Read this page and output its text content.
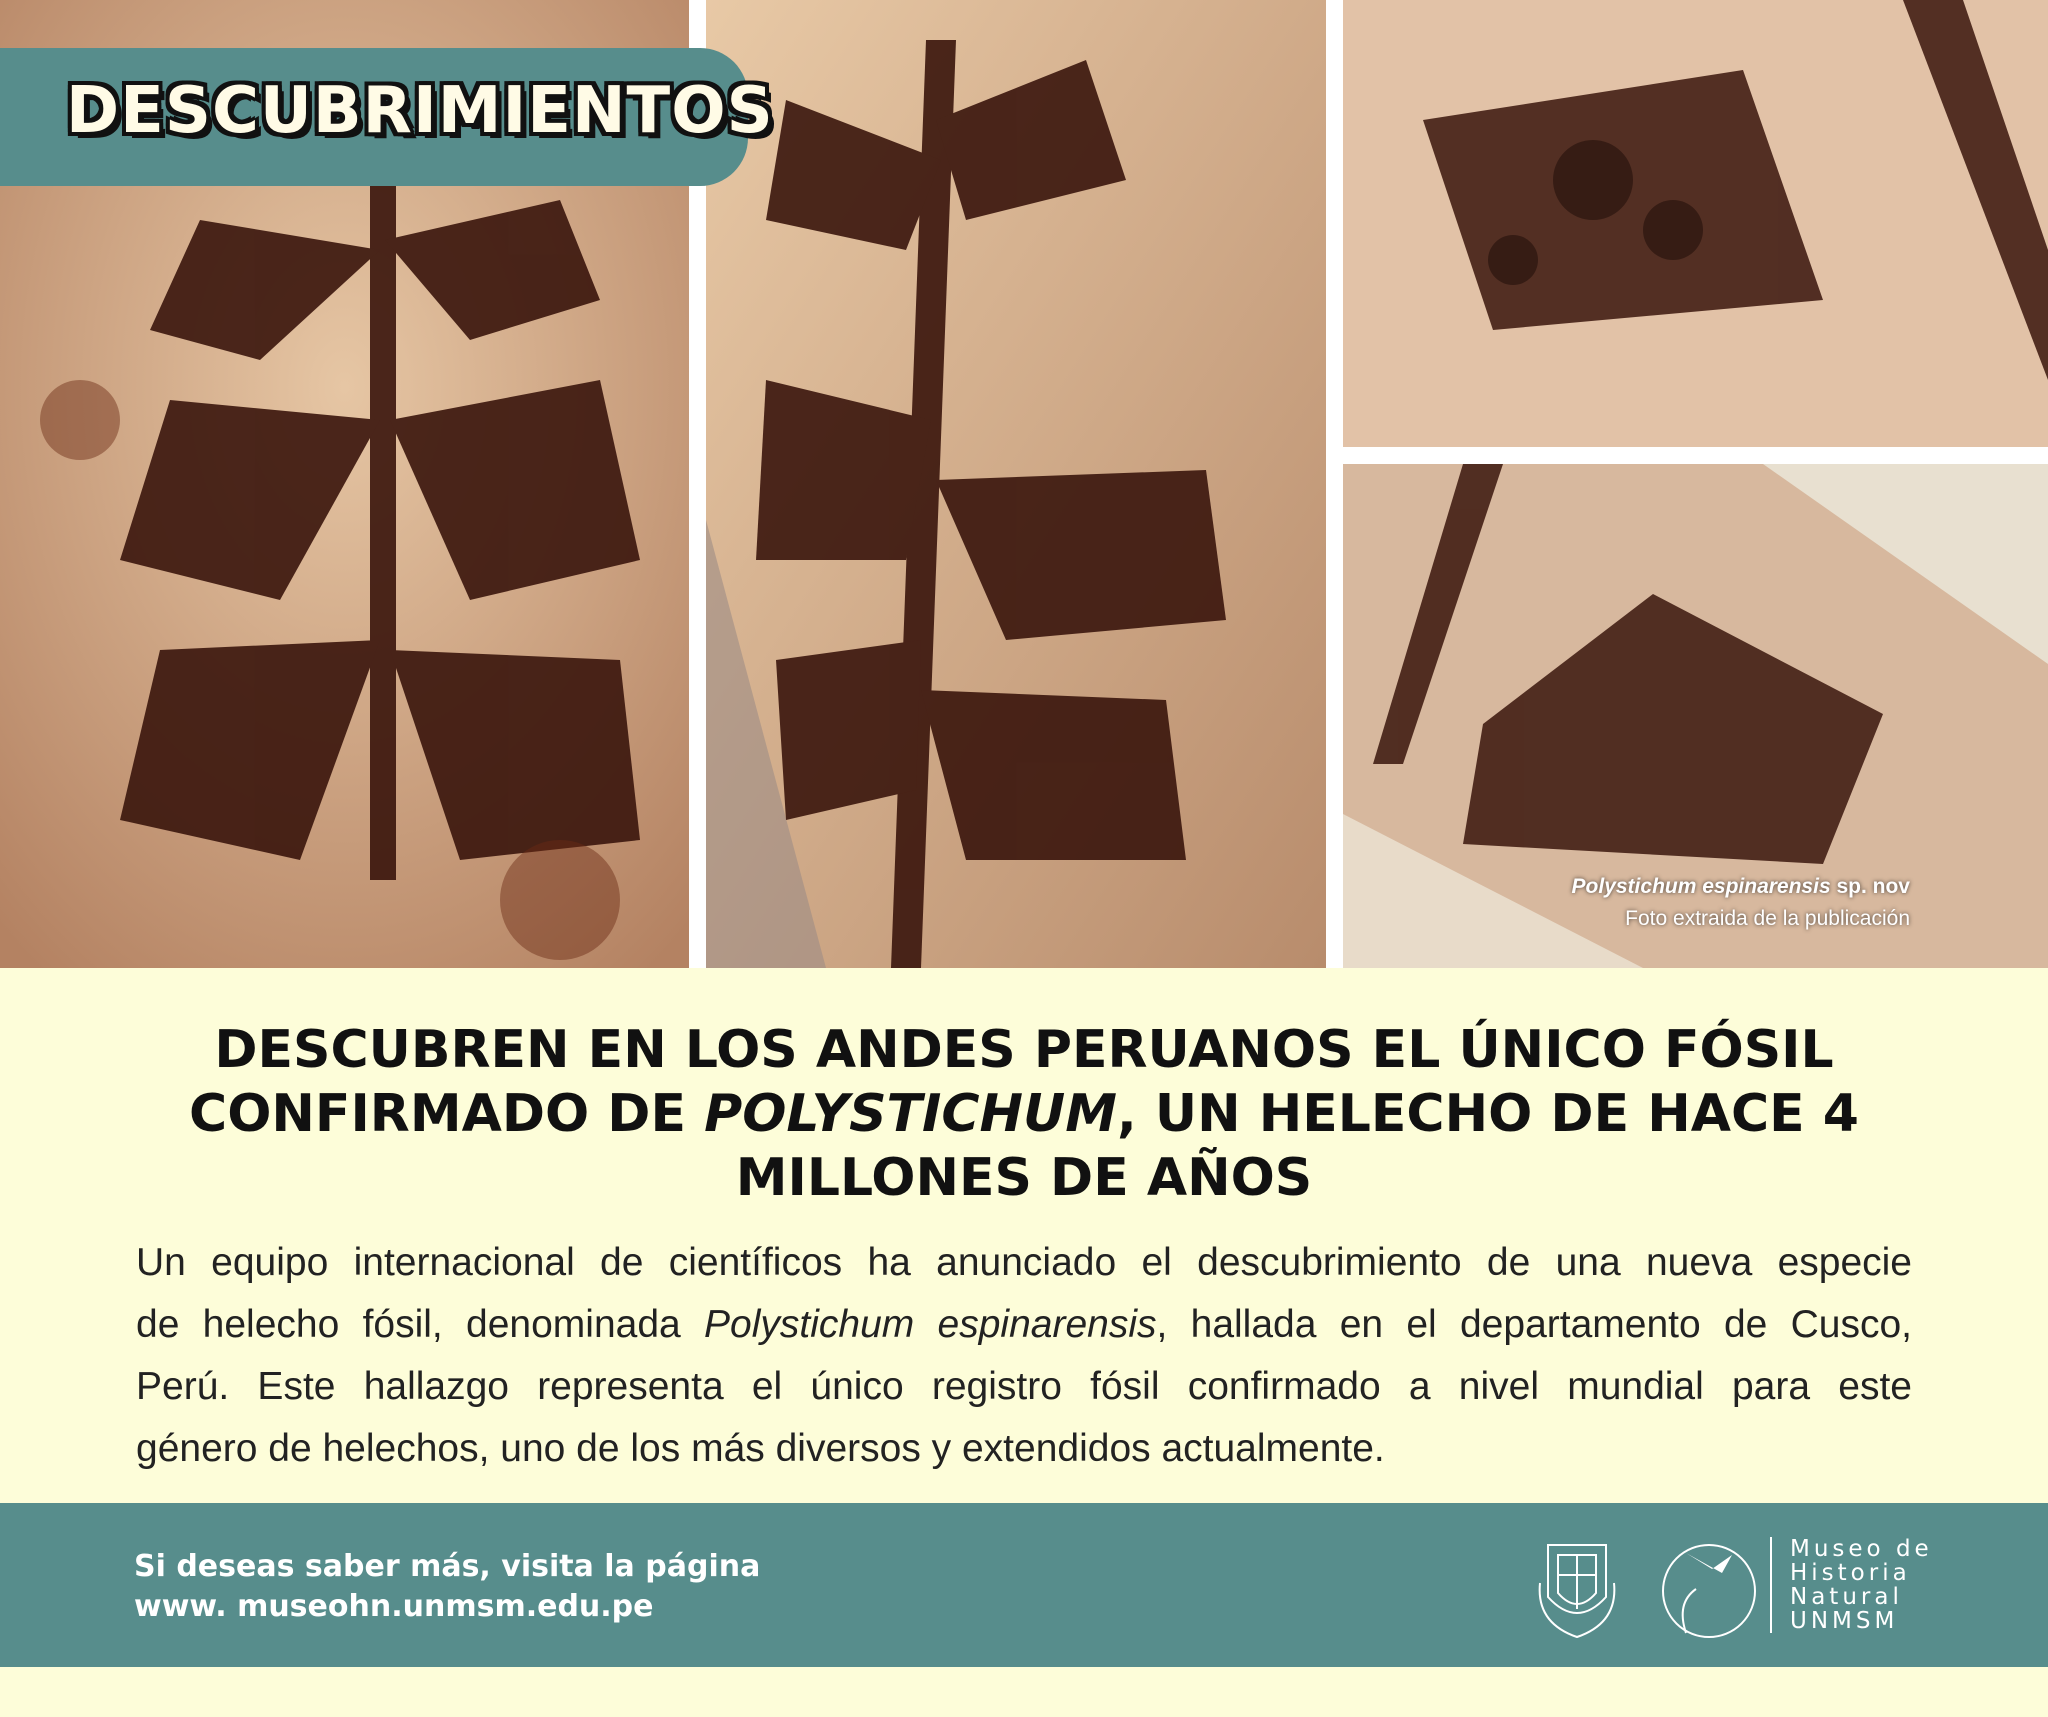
DESCUBRIMIENTOS
Polystichum espinarensis sp. nov
Foto extraida de la publicación
DESCUBREN EN LOS ANDES PERUANOS EL ÚNICO FÓSIL
CONFIRMADO DE POLYSTICHUM, UN HELECHO DE HACE 4
MILLONES DE AÑOS
Un equipo internacional de científicos ha anunciado el descubrimiento de una nueva especie
de helecho fósil, denominada Polystichum espinarensis, hallada en el departamento de Cusco,
Perú. Este hallazgo representa el único registro fósil confirmado a nivel mundial para este
género de helechos, uno de los más diversos y extendidos actualmente.
Si deseas saber más, visita la página
www. museohn.unmsm.edu.pe
Museo de
Historia
Natural
UNMSM
